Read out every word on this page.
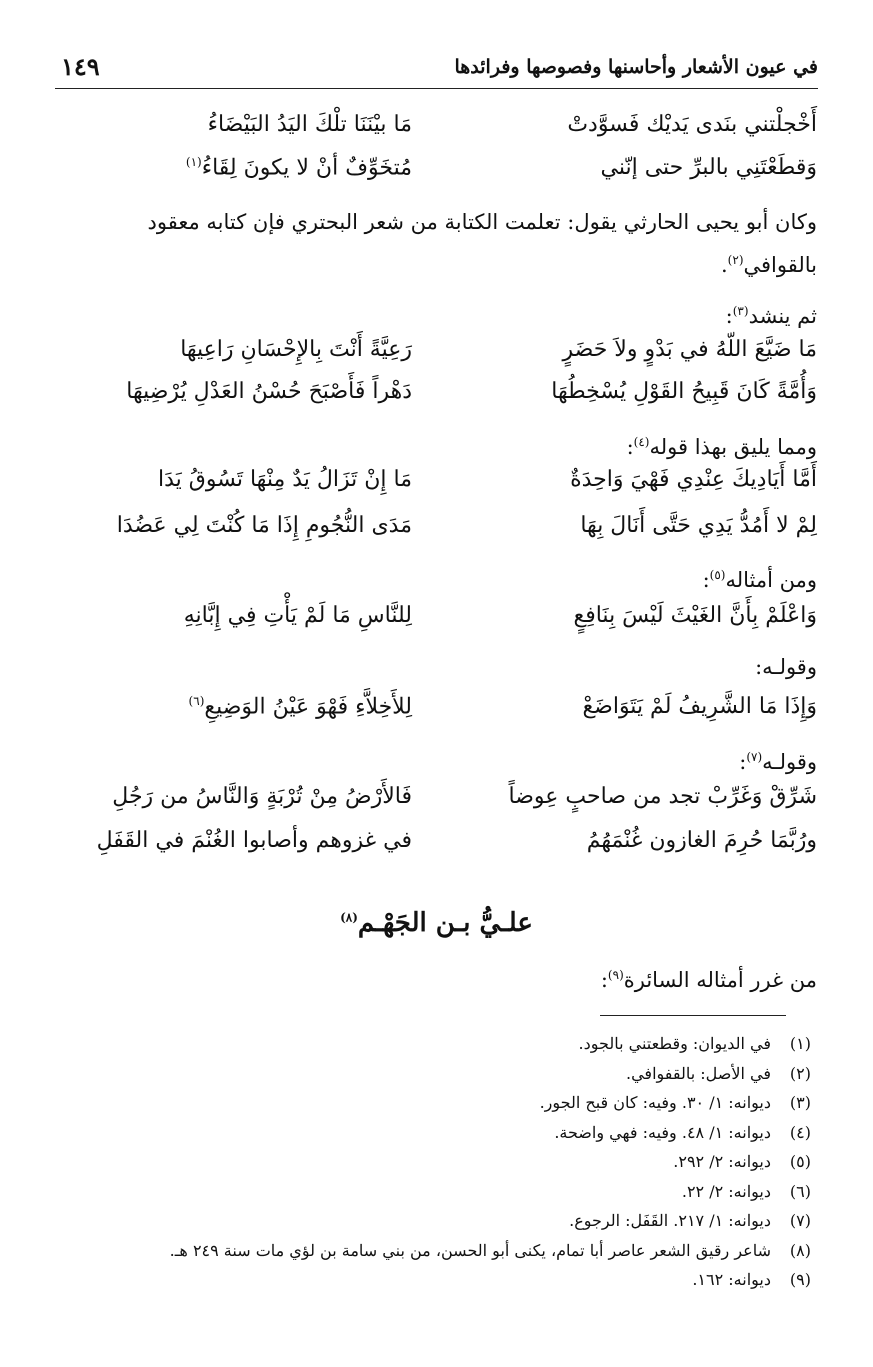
في عيون الأشعار وأحاسنها وفصوصها وفرائدها
١٤٩
أَخْجلْتني بنَدى يَديْك فَسوَّدتْ
مَا بيْنَنَا تلْكَ اليَدُ البَيْضَاءُ
وَقطَعْتَنِي بالبرِّ حتى إنّني
مُتخَوِّفٌ أنْ لا يكونَ لِقَاءُ$^{(١)}$
وكان أبو يحيى الحارثي يقول: تعلمت الكتابة من شعر البحتري فإن كتابه معقود بالقوافي$^{(٢)}$.
ثم ينشد$^{(٣)}$:
مَا ضَيَّعَ اللّهُ في بَدْوٍ ولاَ حَضَرٍ
رَعِيَّةً أَنْتَ بِالإِحْسَانِ رَاعِيهَا
وَأُمَّةً كَانَ قَبِيحُ القَوْلِ يُسْخِطُهَا
دَهْراً فَأَصْبَحَ حُسْنُ العَدْلِ يُرْضِيهَا
ومما يليق بهذا قوله$^{(٤)}$:
أَمَّا أَيَادِيكَ عِنْدِي فَهْيَ وَاحِدَةٌ
مَا إِنْ تَزَالُ يَدٌ مِنْهَا تَسُوقُ يَدَا
لِمْ لا أَمُدُّ يَدِي حَتَّى أَنَالَ بِهَا
مَدَى النُّجُومِ إِذَا مَا كُنْتَ لِي عَضُدَا
ومن أمثاله$^{(٥)}$:
وَاعْلَمْ بِأَنَّ الغَيْثَ لَيْسَ بِنَافِعٍ
لِلنَّاسِ مَا لَمْ يَأْتِ فِي إِبَّانِهِ
وقولـه:
وَإِذَا مَا الشَّرِيفُ لَمْ يَتَوَاضَعْ
لِلأَخِلاَّءِ فَهْوَ عَيْنُ الوَضِيعِ$^{(٦)}$
وقولـه$^{(٧)}$:
شَرِّقْ وَغَرِّبْ تجد من صاحبٍ عِوضاً
فَالأَرْضُ مِنْ تُرْبَةٍ وَالنَّاسُ من رَجُلِ
ورُبَّمَا حُرِمَ الغازون غُنْمَهُمُ
في غزوهم وأصابوا الغُنْمَ في القَفَلِ
علـيُّ بـن الجَهْـم$^{(٨)}$
من غرر أمثاله السائرة$^{(٩)}$:
(١)في الديوان: وقطعتني بالجود.
(٢)في الأصل: بالقفوافي.
(٣)ديوانه: ١/ ٣٠. وفيه: كان قبح الجور.
(٤)ديوانه: ١/ ٤٨. وفيه: فهي واضحة.
(٥)ديوانه: ٢/ ٢٩٢.
(٦)ديوانه: ٢/ ٢٢.
(٧)ديوانه: ١/ ٢١٧. القَفَل: الرجوع.
(٨)شاعر رقيق الشعر عاصر أبا تمام، يكنى أبو الحسن، من بني سامة بن لؤي مات سنة ٢٤٩ هـ.
(٩)ديوانه: ١٦٢.
